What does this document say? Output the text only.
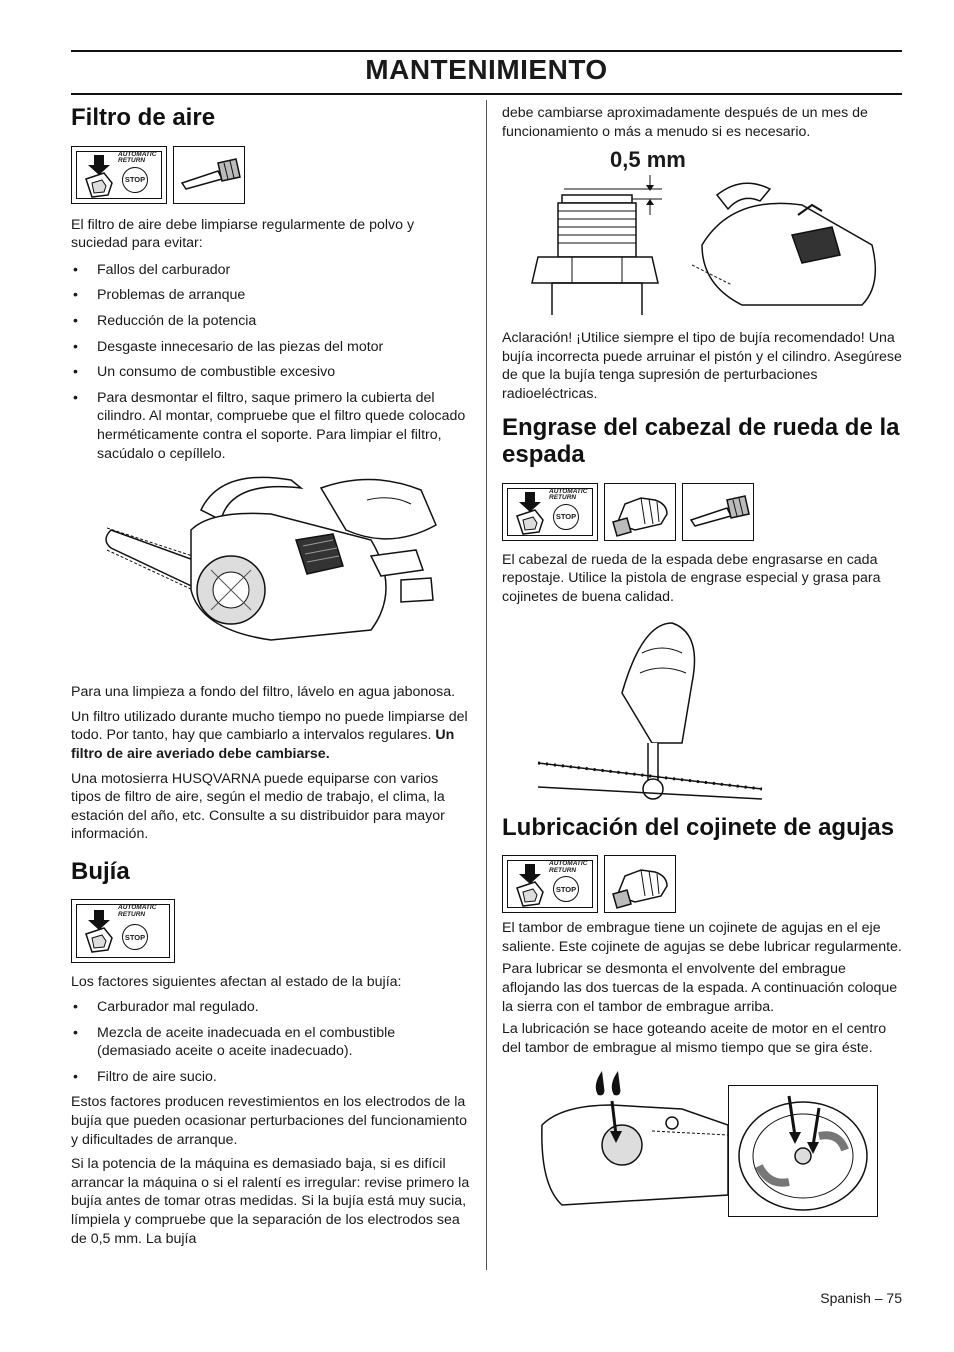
MANTENIMIENTO
Filtro de aire
AUTOMATIC RETURN
STOP

El filtro de aire debe limpiarse regularmente de polvo y suciedad para evitar:

• Fallos del carburador
• Problemas de arranque
• Reducción de la potencia
• Desgaste innecesario de las piezas del motor
• Un consumo de combustible excesivo
• Para desmontar el filtro, saque primero la cubierta del cilindro. Al montar, compruebe que el filtro quede colocado herméticamente contra el soporte. Para limpiar el filtro, sacúdalo o cepíllelo.

Para una limpieza a fondo del filtro, lávelo en agua jabonosa.

Un filtro utilizado durante mucho tiempo no puede limpiarse del todo. Por tanto, hay que cambiarlo a intervalos regulares. Un filtro de aire averiado debe cambiarse.

Una motosierra HUSQVARNA puede equiparse con varios tipos de filtro de aire, según el medio de trabajo, el clima, la estación del año, etc. Consulte a su distribuidor para mayor información.

Bujía
AUTOMATIC RETURN
STOP

Los factores siguientes afectan al estado de la bujía:

• Carburador mal regulado.
• Mezcla de aceite inadecuada en el combustible (demasiado aceite o aceite inadecuado).
• Filtro de aire sucio.

Estos factores producen revestimientos en los electrodos de la bujía que pueden ocasionar perturbaciones del funcionamiento y dificultades de arranque.

Si la potencia de la máquina es demasiado baja, si es difícil arrancar la máquina o si el ralentí es irregular: revise primero la bujía antes de tomar otras medidas. Si la bujía está muy sucia, límpiela y compruebe que la separación de los electrodos sea de 0,5 mm. La bujía

debe cambiarse aproximadamente después de un mes de funcionamiento o más a menudo si es necesario.

0,5 mm

Aclaración! ¡Utilice siempre el tipo de bujía recomendado! Una bujía incorrecta puede arruinar el pistón y el cilindro. Asegúrese de que la bujía tenga supresión de perturbaciones radioeléctricas.

Engrase del cabezal de rueda de la espada
AUTOMATIC RETURN
STOP

El cabezal de rueda de la espada debe engrasarse en cada repostaje. Utilice la pistola de engrase especial y grasa para cojinetes de buena calidad.

Lubricación del cojinete de agujas
AUTOMATIC RETURN
STOP

El tambor de embrague tiene un cojinete de agujas en el eje saliente. Este cojinete de agujas se debe lubricar regularmente.

Para lubricar se desmonta el envolvente del embrague aflojando las dos tuercas de la espada. A continuación coloque la sierra con el tambor de embrague arriba.

La lubricación se hace goteando aceite de motor en el centro del tambor de embrague al mismo tiempo que se gira éste.

Spanish – 75
